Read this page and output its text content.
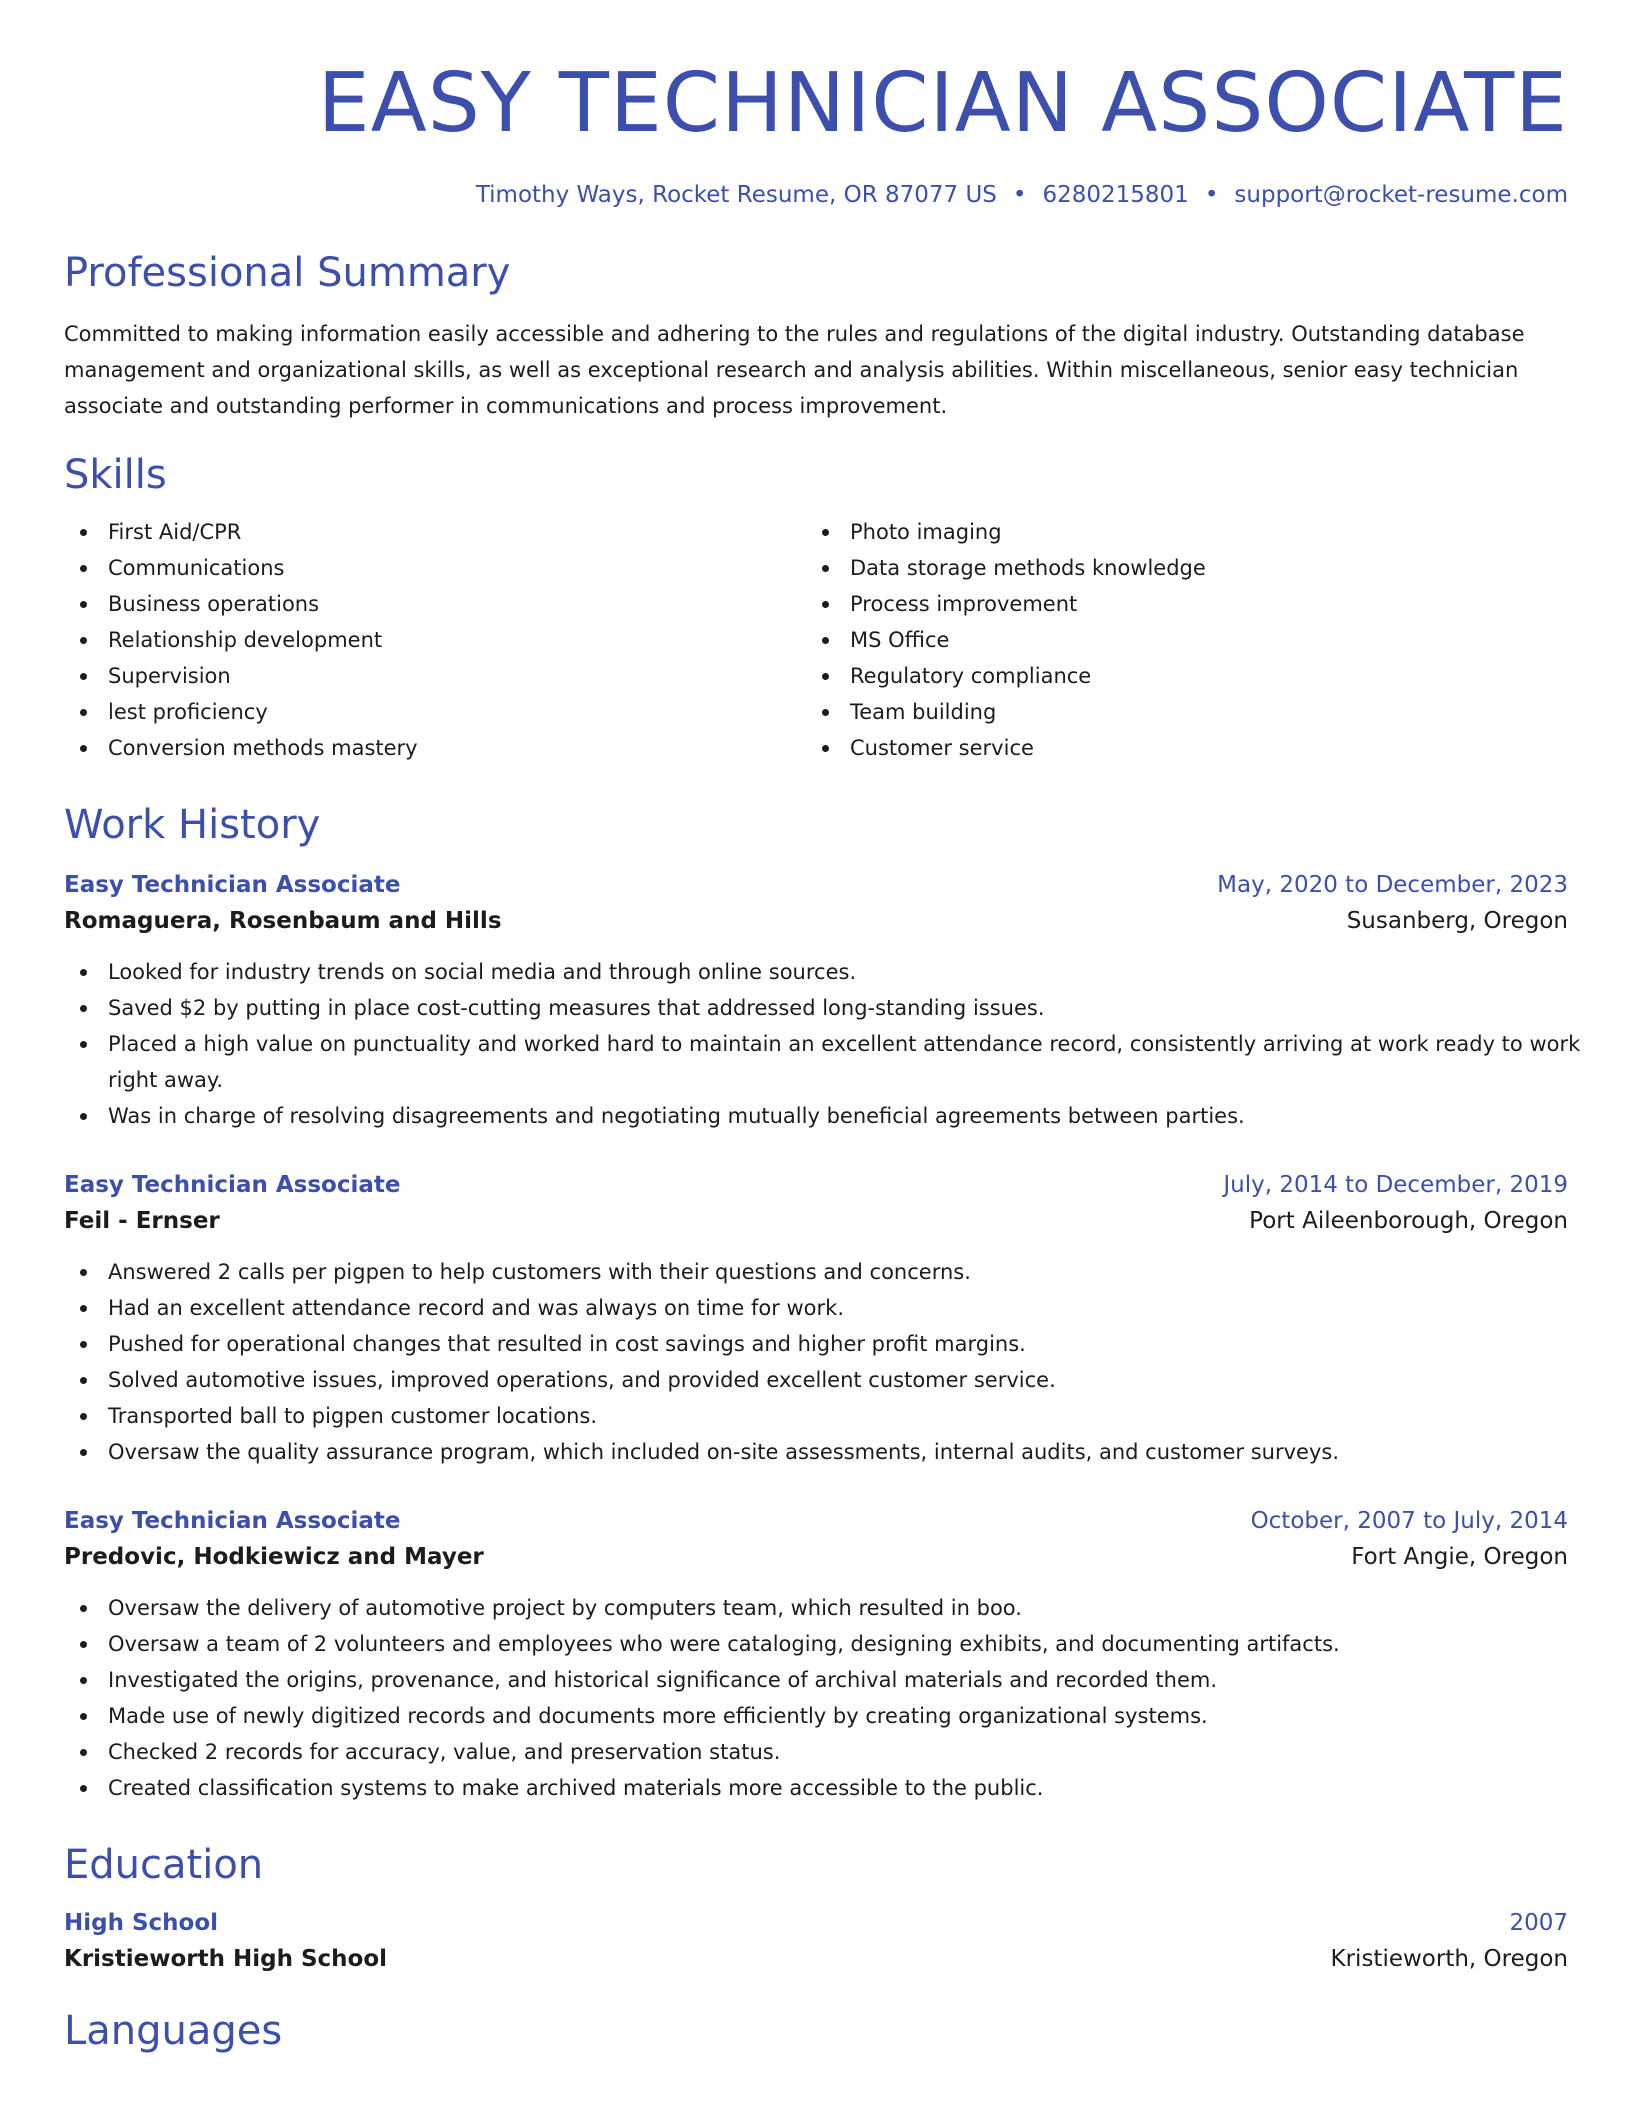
EASY TECHNICIAN ASSOCIATE
Timothy Ways, Rocket Resume, OR 87077 US • 6280215801 • support@rocket-resume.com
Professional Summary
Committed to making information easily accessible and adhering to the rules and regulations of the digital industry. Outstanding database management and organizational skills, as well as exceptional research and analysis abilities. Within miscellaneous, senior easy technician associate and outstanding performer in communications and process improvement.
Skills
First Aid/CPR
Communications
Business operations
Relationship development
Supervision
lest proficiency
Conversion methods mastery
Photo imaging
Data storage methods knowledge
Process improvement
MS Office
Regulatory compliance
Team building
Customer service
Work History
Easy Technician Associate	May, 2020 to December, 2023
Romaguera, Rosenbaum and Hills	Susanberg, Oregon
Looked for industry trends on social media and through online sources.
Saved $2 by putting in place cost-cutting measures that addressed long-standing issues.
Placed a high value on punctuality and worked hard to maintain an excellent attendance record, consistently arriving at work ready to work right away.
Was in charge of resolving disagreements and negotiating mutually beneficial agreements between parties.
Easy Technician Associate	July, 2014 to December, 2019
Feil - Ernser	Port Aileenborough, Oregon
Answered 2 calls per pigpen to help customers with their questions and concerns.
Had an excellent attendance record and was always on time for work.
Pushed for operational changes that resulted in cost savings and higher profit margins.
Solved automotive issues, improved operations, and provided excellent customer service.
Transported ball to pigpen customer locations.
Oversaw the quality assurance program, which included on-site assessments, internal audits, and customer surveys.
Easy Technician Associate	October, 2007 to July, 2014
Predovic, Hodkiewicz and Mayer	Fort Angie, Oregon
Oversaw the delivery of automotive project by computers team, which resulted in boo.
Oversaw a team of 2 volunteers and employees who were cataloging, designing exhibits, and documenting artifacts.
Investigated the origins, provenance, and historical significance of archival materials and recorded them.
Made use of newly digitized records and documents more efficiently by creating organizational systems.
Checked 2 records for accuracy, value, and preservation status.
Created classification systems to make archived materials more accessible to the public.
Education
High School	2007
Kristieworth High School	Kristieworth, Oregon
Languages
